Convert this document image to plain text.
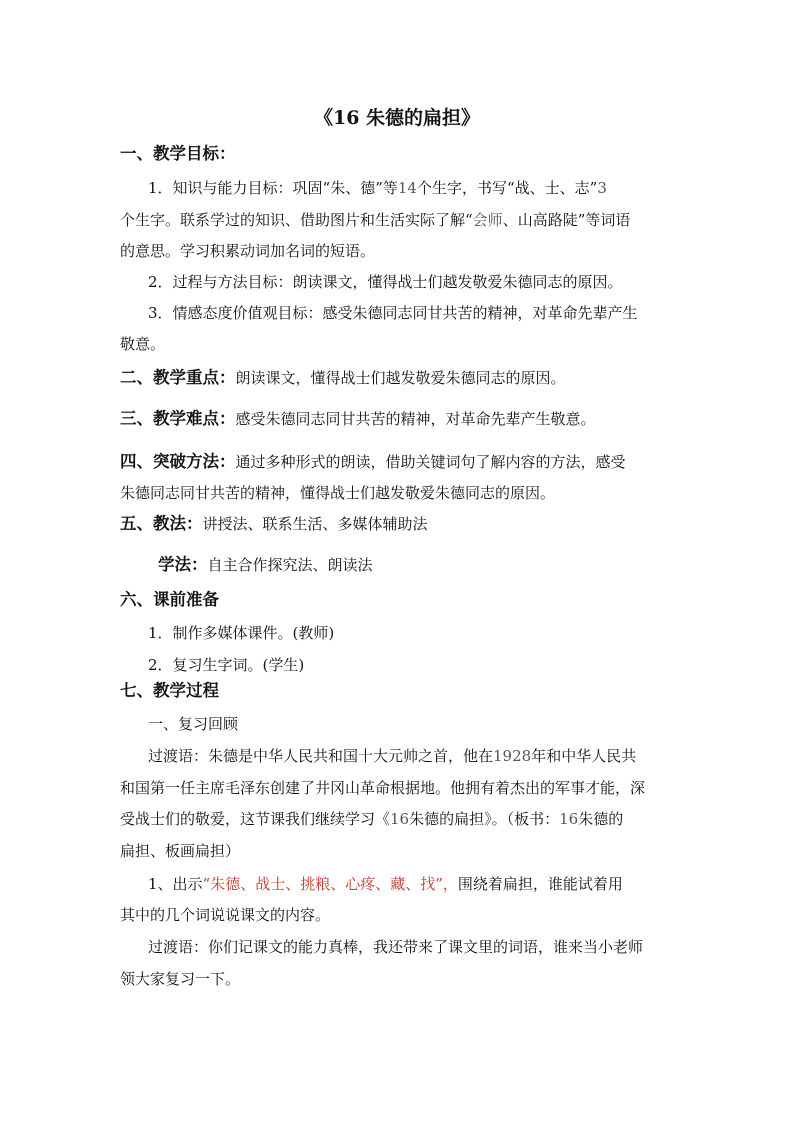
《16 朱德的扁担》
一、教学目标：
1．知识与能力目标：巩固“朱、德”等14个生字，书写“战、士、志”3
个生字。联系学过的知识、借助图片和生活实际了解“会师、山高路陡”等词语
的意思。学习积累动词加名词的短语。
2．过程与方法目标：朗读课文，懂得战士们越发敬爱朱德同志的原因。
3．情感态度价值观目标：感受朱德同志同甘共苦的精神，对革命先辈产生
敬意。
二、教学重点：朗读课文，懂得战士们越发敬爱朱德同志的原因。
三、教学难点：感受朱德同志同甘共苦的精神，对革命先辈产生敬意。
四、突破方法：通过多种形式的朗读，借助关键词句了解内容的方法，感受
朱德同志同甘共苦的精神，懂得战士们越发敬爱朱德同志的原因。
五、教法：讲授法、联系生活、多媒体辅助法
学法：自主合作探究法、朗读法
六、课前准备
1．制作多媒体课件。(教师)
2．复习生字词。(学生)
七、教学过程
一、复习回顾
过渡语：朱德是中华人民共和国十大元帅之首，他在1928年和中华人民共
和国第一任主席毛泽东创建了井冈山革命根据地。他拥有着杰出的军事才能，深
受战士们的敬爱，这节课我们继续学习《16朱德的扁担》。（板书：16朱德的
扁担、板画扁担）
1、出示“朱德、战士、挑粮、心疼、藏、找”，围绕着扁担，谁能试着用
其中的几个词说说课文的内容。
过渡语：你们记课文的能力真棒，我还带来了课文里的词语，谁来当小老师
领大家复习一下。
